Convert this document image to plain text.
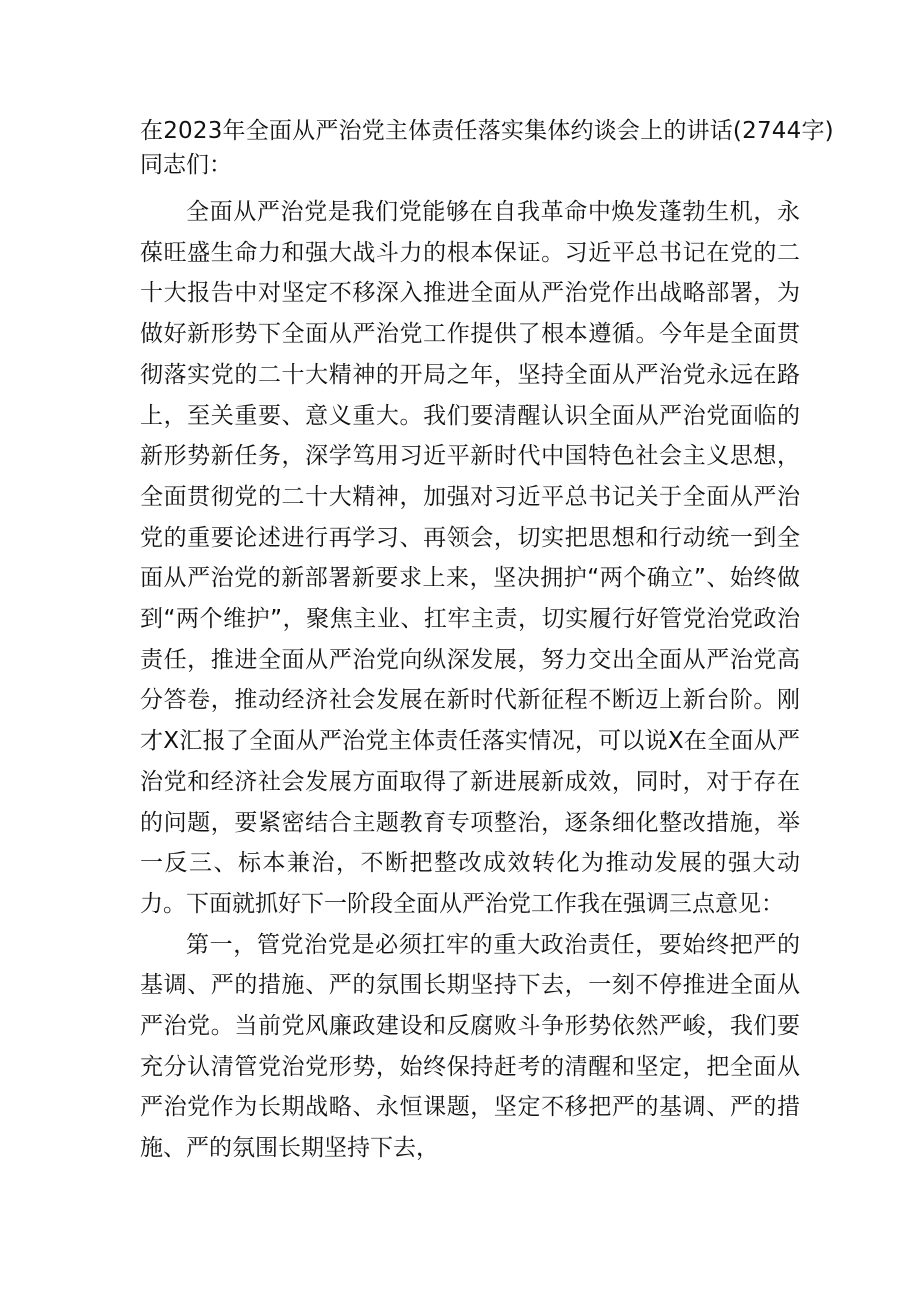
在2023年全面从严治党主体责任落实集体约谈会上的讲话(2744字)

同志们：

全面从严治党是我们党能够在自我革命中焕发蓬勃生机，永葆旺盛生命力和强大战斗力的根本保证。习近平总书记在党的二十大报告中对坚定不移深入推进全面从严治党作出战略部署，为做好新形势下全面从严治党工作提供了根本遵循。今年是全面贯彻落实党的二十大精神的开局之年，坚持全面从严治党永远在路上，至关重要、意义重大。我们要清醒认识全面从严治党面临的新形势新任务，深学笃用习近平新时代中国特色社会主义思想，全面贯彻党的二十大精神，加强对习近平总书记关于全面从严治党的重要论述进行再学习、再领会，切实把思想和行动统一到全面从严治党的新部署新要求上来，坚决拥护“两个确立”、始终做到“两个维护”，聚焦主业、扛牢主责，切实履行好管党治党政治责任，推进全面从严治党向纵深发展，努力交出全面从严治党高分答卷，推动经济社会发展在新时代新征程不断迈上新台阶。刚才X汇报了全面从严治党主体责任落实情况，可以说X在全面从严治党和经济社会发展方面取得了新进展新成效，同时，对于存在的问题，要紧密结合主题教育专项整治，逐条细化整改措施，举一反三、标本兼治，不断把整改成效转化为推动发展的强大动力。下面就抓好下一阶段全面从严治党工作我在强调三点意见：

第一，管党治党是必须扛牢的重大政治责任，要始终把严的基调、严的措施、严的氛围长期坚持下去，一刻不停推进全面从严治党。当前党风廉政建设和反腐败斗争形势依然严峻，我们要充分认清管党治党形势，始终保持赶考的清醒和坚定，把全面从严治党作为长期战略、永恒课题，坚定不移把严的基调、严的措施、严的氛围长期坚持下去，
